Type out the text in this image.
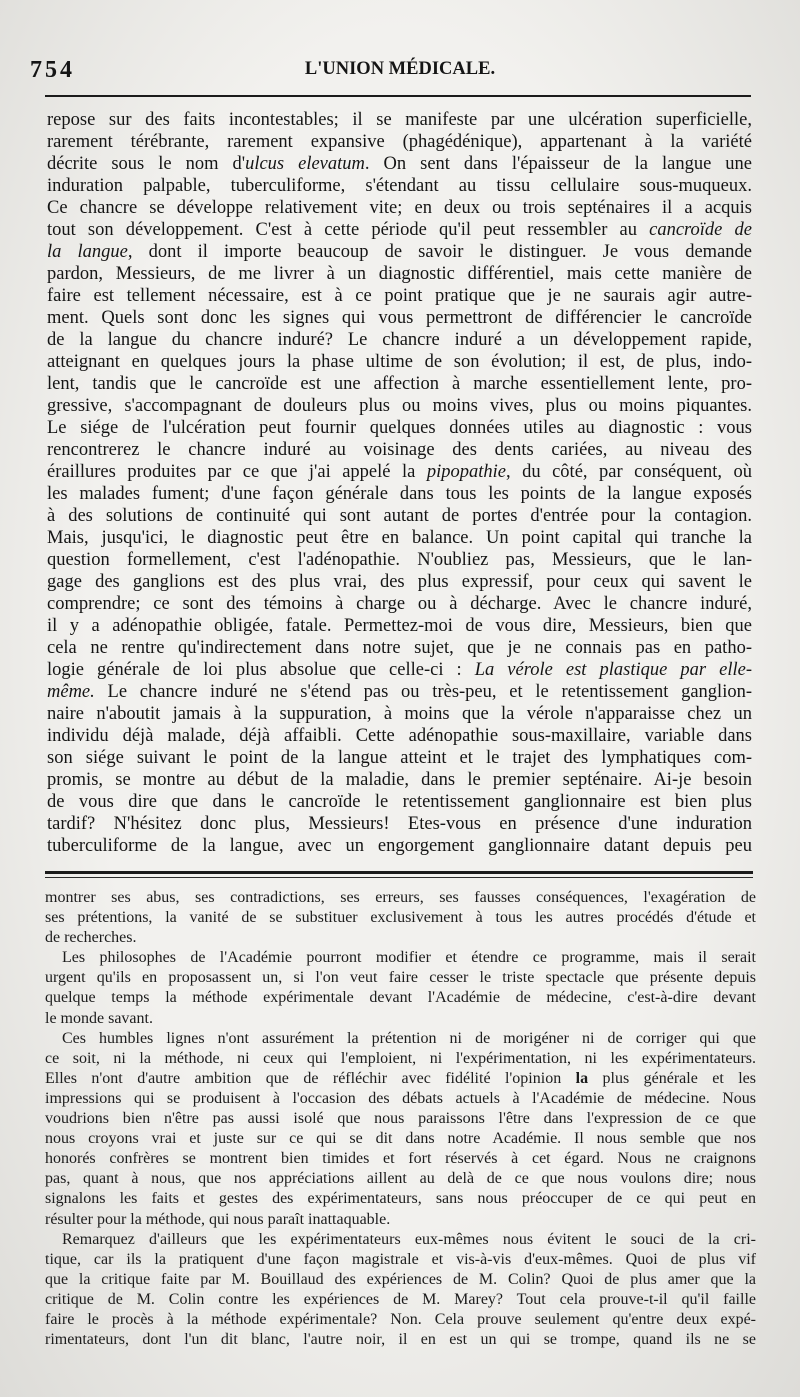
754	L'UNION MÉDICALE.
repose sur des faits incontestables; il se manifeste par une ulcération superficielle,
rarement térébrante, rarement expansive (phagédénique), appartenant à la variété
décrite sous le nom d'ulcus elevatum. On sent dans l'épaisseur de la langue une
induration palpable, tuberculiforme, s'étendant au tissu cellulaire sous-muqueux.
Ce chancre se développe relativement vite; en deux ou trois septénaires il a acquis
tout son développement. C'est à cette période qu'il peut ressembler au cancroïde de
la langue, dont il importe beaucoup de savoir le distinguer. Je vous demande
pardon, Messieurs, de me livrer à un diagnostic différentiel, mais cette manière de
faire est tellement nécessaire, est à ce point pratique que je ne saurais agir autre-
ment. Quels sont donc les signes qui vous permettront de différencier le cancroïde
de la langue du chancre induré? Le chancre induré a un développement rapide,
atteignant en quelques jours la phase ultime de son évolution; il est, de plus, indo-
lent, tandis que le cancroïde est une affection à marche essentiellement lente, pro-
gressive, s'accompagnant de douleurs plus ou moins vives, plus ou moins piquantes.
Le siége de l'ulcération peut fournir quelques données utiles au diagnostic : vous
rencontrerez le chancre induré au voisinage des dents cariées, au niveau des
éraillures produites par ce que j'ai appelé la pipopathie, du côté, par conséquent, où
les malades fument; d'une façon générale dans tous les points de la langue exposés
à des solutions de continuité qui sont autant de portes d'entrée pour la contagion.
Mais, jusqu'ici, le diagnostic peut être en balance. Un point capital qui tranche la
question formellement, c'est l'adénopathie. N'oubliez pas, Messieurs, que le lan-
gage des ganglions est des plus vrai, des plus expressif, pour ceux qui savent le
comprendre; ce sont des témoins à charge ou à décharge. Avec le chancre induré,
il y a adénopathie obligée, fatale. Permettez-moi de vous dire, Messieurs, bien que
cela ne rentre qu'indirectement dans notre sujet, que je ne connais pas en patho-
logie générale de loi plus absolue que celle-ci : La vérole est plastique par elle-
même. Le chancre induré ne s'étend pas ou très-peu, et le retentissement ganglion-
naire n'aboutit jamais à la suppuration, à moins que la vérole n'apparaisse chez un
individu déjà malade, déjà affaibli. Cette adénopathie sous-maxillaire, variable dans
son siége suivant le point de la langue atteint et le trajet des lymphatiques com-
promis, se montre au début de la maladie, dans le premier septénaire. Ai-je besoin
de vous dire que dans le cancroïde le retentissement ganglionnaire est bien plus
tardif? N'hésitez donc plus, Messieurs! Etes-vous en présence d'une induration
tuberculiforme de la langue, avec un engorgement ganglionnaire datant depuis peu
montrer ses abus, ses contradictions, ses erreurs, ses fausses conséquences, l'exagération de
ses prétentions, la vanité de se substituer exclusivement à tous les autres procédés d'étude et
de recherches.
Les philosophes de l'Académie pourront modifier et étendre ce programme, mais il serait
urgent qu'ils en proposassent un, si l'on veut faire cesser le triste spectacle que présente depuis
quelque temps la méthode expérimentale devant l'Académie de médecine, c'est-à-dire devant
le monde savant.
Ces humbles lignes n'ont assurément la prétention ni de morigéner ni de corriger qui que
ce soit, ni la méthode, ni ceux qui l'emploient, ni l'expérimentation, ni les expérimentateurs.
Elles n'ont d'autre ambition que de réfléchir avec fidélité l'opinion la plus générale et les
impressions qui se produisent à l'occasion des débats actuels à l'Académie de médecine. Nous
voudrions bien n'être pas aussi isolé que nous paraissons l'être dans l'expression de ce que
nous croyons vrai et juste sur ce qui se dit dans notre Académie. Il nous semble que nos
honorés confrères se montrent bien timides et fort réservés à cet égard. Nous ne craignons
pas, quant à nous, que nos appréciations aillent au delà de ce que nous voulons dire; nous
signalons les faits et gestes des expérimentateurs, sans nous préoccuper de ce qui peut en
résulter pour la méthode, qui nous paraît inattaquable.
Remarquez d'ailleurs que les expérimentateurs eux-mêmes nous évitent le souci de la cri-
tique, car ils la pratiquent d'une façon magistrale et vis-à-vis d'eux-mêmes. Quoi de plus vif
que la critique faite par M. Bouillaud des expériences de M. Colin? Quoi de plus amer que la
critique de M. Colin contre les expériences de M. Marey? Tout cela prouve-t-il qu'il faille
faire le procès à la méthode expérimentale? Non. Cela prouve seulement qu'entre deux expé-
rimentateurs, dont l'un dit blanc, l'autre noir, il en est un qui se trompe, quand ils ne se
